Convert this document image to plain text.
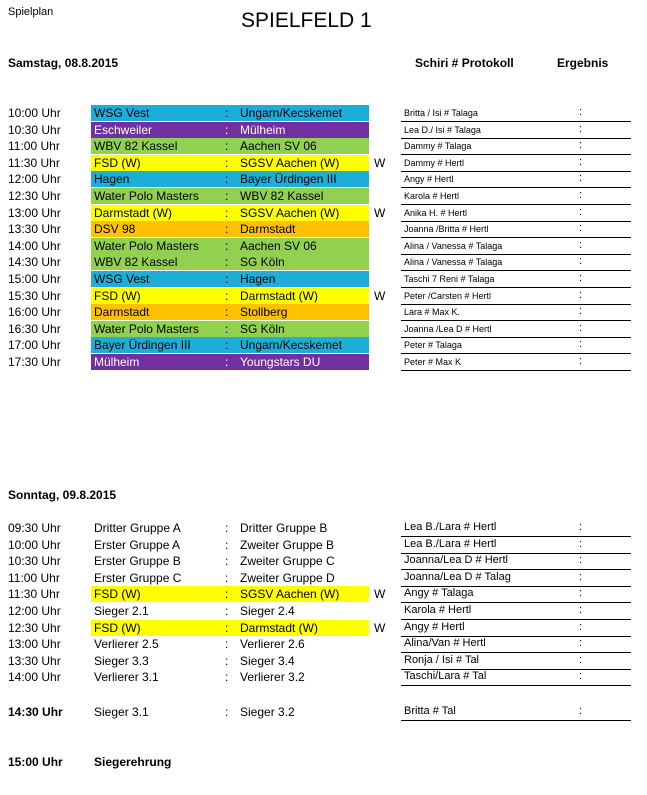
Spielplan	SPIELFELD 1
Samstag, 08.8.2015	Schiri # Protokoll	Ergebnis
10:00 Uhr	WSG Vest	: Ungarn/Kecskemet	Britta / Isi # Talaga	:
10:30 Uhr	Eschweiler	: Mülheim	Lea D./ Isi # Talaga	:
11:00 Uhr	WBV 82 Kassel	: Aachen SV 06	Dammy # Talaga	:
11:30 Uhr	FSD (W)	: SGSV Aachen (W)	W Dammy # Hertl	:
12:00 Uhr	Hagen	: Bayer Ürdingen III	Angy # Hertl	:
12:30 Uhr	Water Polo Masters : WBV 82 Kassel	Karola # Hertl	:
13:00 Uhr	Darmstadt (W)	: SGSV Aachen (W)	W Anika H. # Hertl	:
13:30 Uhr	DSV 98	: Darmstadt	Joanna /Britta # Hertl	:
14:00 Uhr	Water Polo Masters : Aachen SV 06	Alina / Vanessa # Talaga	:
14:30 Uhr	WBV 82 Kassel	: SG Köln	Alina / Vanessa # Talaga	:
15:00 Uhr	WSG Vest	: Hagen	Taschi 7 Reni # Talaga	:
15:30 Uhr	FSD (W)	: Darmstadt (W)	W Peter /Carsten # Hertl	:
16:00 Uhr	Darmstadt	: Stollberg	Lara # Max K.	:
16:30 Uhr	Water Polo Masters : SG Köln	Joanna /Lea D # Hertl	:
17:00 Uhr	Bayer Ürdingen III	: Ungarn/Kecskemet	Peter # Talaga	:
17:30 Uhr	Mülheim	: Youngstars DU	Peter # Max K	:
Sonntag, 09.8.2015
09:30 Uhr	Dritter Gruppe A	: Dritter Gruppe B	Lea B./Lara # Hertl	:
10:00 Uhr	Erster Gruppe A	: Zweiter Gruppe B	Lea B./Lara # Hertl	:
10:30 Uhr	Erster Gruppe B	: Zweiter Gruppe C	Joanna/Lea D # Hertl	:
11:00 Uhr	Erster Gruppe C	: Zweiter Gruppe D	Joanna/Lea D # Talag	:
11:30 Uhr	FSD (W)	: SGSV Aachen (W)	W Angy # Talaga	:
12:00 Uhr	Sieger 2.1	: Sieger 2.4	Karola # Hertl	:
12:30 Uhr	FSD (W)	: Darmstadt (W)	W Angy # Hertl	:
13:00 Uhr	Verlierer 2.5	: Verlierer 2.6	Alina/Van # Hertl	:
13:30 Uhr	Sieger 3.3	: Sieger 3.4	Ronja / Isi # Tal	:
14:00 Uhr	Verlierer 3.1	: Verlierer 3.2	Taschi/Lara # Tal	:
14:30 Uhr	Sieger 3.1	: Sieger 3.2	Britta # Tal	:
15:00 Uhr	Siegerehrung
